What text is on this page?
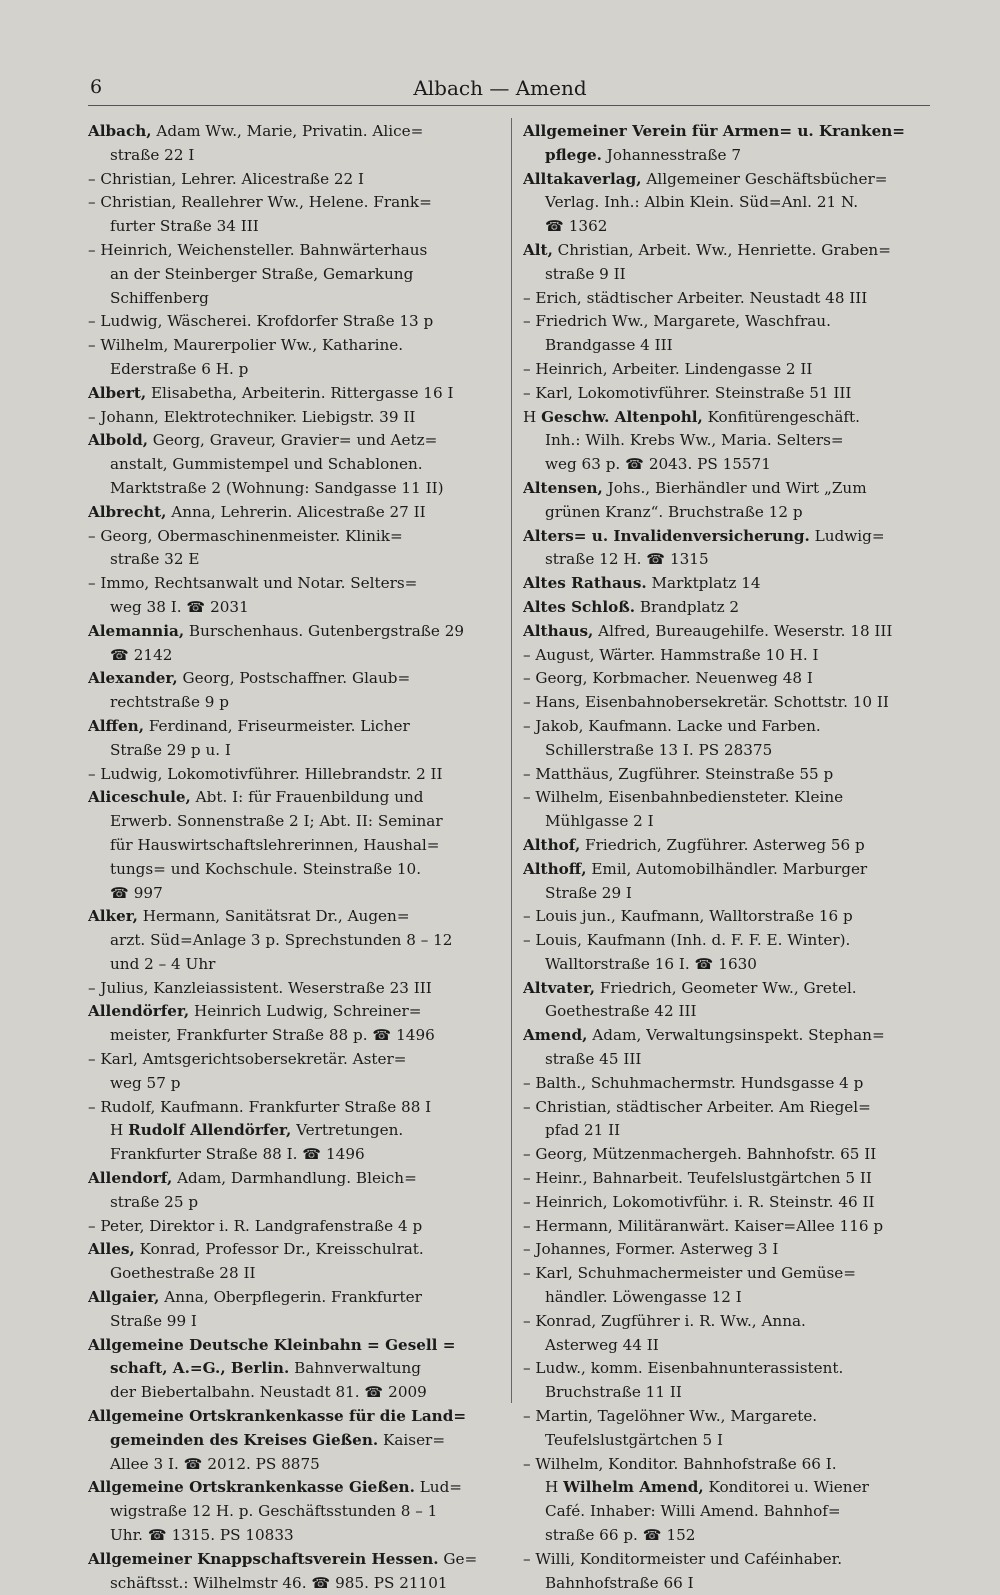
6	Albach — Amend
Albach, Adam Ww., Marie, Privatin. Alice=
straße 22 I
– Christian, Lehrer. Alicestraße 22 I
– Christian, Reallehrer Ww., Helene. Frank=
furter Straße 34 III
– Heinrich, Weichensteller. Bahnwärterhaus
an der Steinberger Straße, Gemarkung
Schiffenberg
– Ludwig, Wäscherei. Krofdorfer Straße 13 p
– Wilhelm, Maurerpolier Ww., Katharine.
Ederstraße 6 H. p
Albert, Elisabetha, Arbeiterin. Rittergasse 16 I
– Johann, Elektrotechniker. Liebigstr. 39 II
Albold, Georg, Graveur, Gravier= und Aetz=
anstalt, Gummistempel und Schablonen.
Marktstraße 2 (Wohnung: Sandgasse 11 II)
Albrecht, Anna, Lehrerin. Alicestraße 27 II
– Georg, Obermaschinenmeister. Klinik=
straße 32 E
– Immo, Rechtsanwalt und Notar. Selters=
weg 38 I. ☎ 2031
Alemannia, Burschenhaus. Gutenbergstraße 29
☎ 2142
Alexander, Georg, Postschaffner. Glaub=
rechtstraße 9 p
Alffen, Ferdinand, Friseurmeister. Licher
Straße 29 p u. I
– Ludwig, Lokomotivführer. Hillebrandstr. 2 II
Aliceschule, Abt. I: für Frauenbildung und
Erwerb. Sonnenstraße 2 I; Abt. II: Seminar
für Hauswirtschaftslehrerinnen, Haushal=
tungs= und Kochschule. Steinstraße 10.
☎ 997
Alker, Hermann, Sanitätsrat Dr., Augen=
arzt. Süd=Anlage 3 p. Sprechstunden 8 – 12
und 2 – 4 Uhr
– Julius, Kanzleiassistent. Weserstraße 23 III
Allendörfer, Heinrich Ludwig, Schreiner=
meister, Frankfurter Straße 88 p. ☎ 1496
– Karl, Amtsgerichtsobersekretär. Aster=
weg 57 p
– Rudolf, Kaufmann. Frankfurter Straße 88 I
H Rudolf Allendörfer, Vertretungen.
Frankfurter Straße 88 I. ☎ 1496
Allendorf, Adam, Darmhandlung. Bleich=
straße 25 p
– Peter, Direktor i. R. Landgrafenstraße 4 p
Alles, Konrad, Professor Dr., Kreisschulrat.
Goethestraße 28 II
Allgaier, Anna, Oberpflegerin. Frankfurter
Straße 99 I
Allgemeine Deutsche Kleinbahn = Gesell =
schaft, A.=G., Berlin. Bahnverwaltung
der Biebertalbahn. Neustadt 81. ☎ 2009
Allgemeine Ortskrankenkasse für die Land=
gemeinden des Kreises Gießen. Kaiser=
Allee 3 I. ☎ 2012. PS 8875
Allgemeine Ortskrankenkasse Gießen. Lud=
wigstraße 12 H. p. Geschäftsstunden 8 – 1
Uhr. ☎ 1315. PS 10833
Allgemeiner Knappschaftsverein Hessen. Ge=
schäftsst.: Wilhelmstr 46. ☎ 985. PS 21101
Allgemeiner Verein für Armen= u. Kranken=
pflege. Johannesstraße 7
Alltakaverlag, Allgemeiner Geschäftsbücher=
Verlag. Inh.: Albin Klein. Süd=Anl. 21 N.
☎ 1362
Alt, Christian, Arbeit. Ww., Henriette. Graben=
straße 9 II
– Erich, städtischer Arbeiter. Neustadt 48 III
– Friedrich Ww., Margarete, Waschfrau.
Brandgasse 4 III
– Heinrich, Arbeiter. Lindengasse 2 II
– Karl, Lokomotivführer. Steinstraße 51 III
H Geschw. Altenpohl, Konfitürengeschäft.
Inh.: Wilh. Krebs Ww., Maria. Selters=
weg 63 p. ☎ 2043. PS 15571
Altensen, Johs., Bierhändler und Wirt „Zum
grünen Kranz“. Bruchstraße 12 p
Alters= u. Invalidenversicherung. Ludwig=
straße 12 H. ☎ 1315
Altes Rathaus. Marktplatz 14
Altes Schloß. Brandplatz 2
Althaus, Alfred, Bureaugehilfe. Weserstr. 18 III
– August, Wärter. Hammstraße 10 H. I
– Georg, Korbmacher. Neuenweg 48 I
– Hans, Eisenbahnobersekretär. Schottstr. 10 II
– Jakob, Kaufmann. Lacke und Farben.
Schillerstraße 13 I. PS 28375
– Matthäus, Zugführer. Steinstraße 55 p
– Wilhelm, Eisenbahnbediensteter. Kleine
Mühlgasse 2 I
Althof, Friedrich, Zugführer. Asterweg 56 p
Althoff, Emil, Automobilhändler. Marburger
Straße 29 I
– Louis jun., Kaufmann, Walltorstraße 16 p
– Louis, Kaufmann (Inh. d. F. F. E. Winter).
Walltorstraße 16 I. ☎ 1630
Altvater, Friedrich, Geometer Ww., Gretel.
Goethestraße 42 III
Amend, Adam, Verwaltungsinspekt. Stephan=
straße 45 III
– Balth., Schuhmachermstr. Hundsgasse 4 p
– Christian, städtischer Arbeiter. Am Riegel=
pfad 21 II
– Georg, Mützenmachergeh. Bahnhofstr. 65 II
– Heinr., Bahnarbeit. Teufelslustgärtchen 5 II
– Heinrich, Lokomotivführ. i. R. Steinstr. 46 II
– Hermann, Militäranwärt. Kaiser=Allee 116 p
– Johannes, Former. Asterweg 3 I
– Karl, Schuhmachermeister und Gemüse=
händler. Löwengasse 12 I
– Konrad, Zugführer i. R. Ww., Anna.
Asterweg 44 II
– Ludw., komm. Eisenbahnunterassistent.
Bruchstraße 11 II
– Martin, Tagelöhner Ww., Margarete.
Teufelslustgärtchen 5 I
– Wilhelm, Konditor. Bahnhofstraße 66 I.
H Wilhelm Amend, Konditorei u. Wiener
Café. Inhaber: Willi Amend. Bahnhof=
straße 66 p. ☎ 152
– Willi, Konditormeister und Caféinhaber.
Bahnhofstraße 66 I
